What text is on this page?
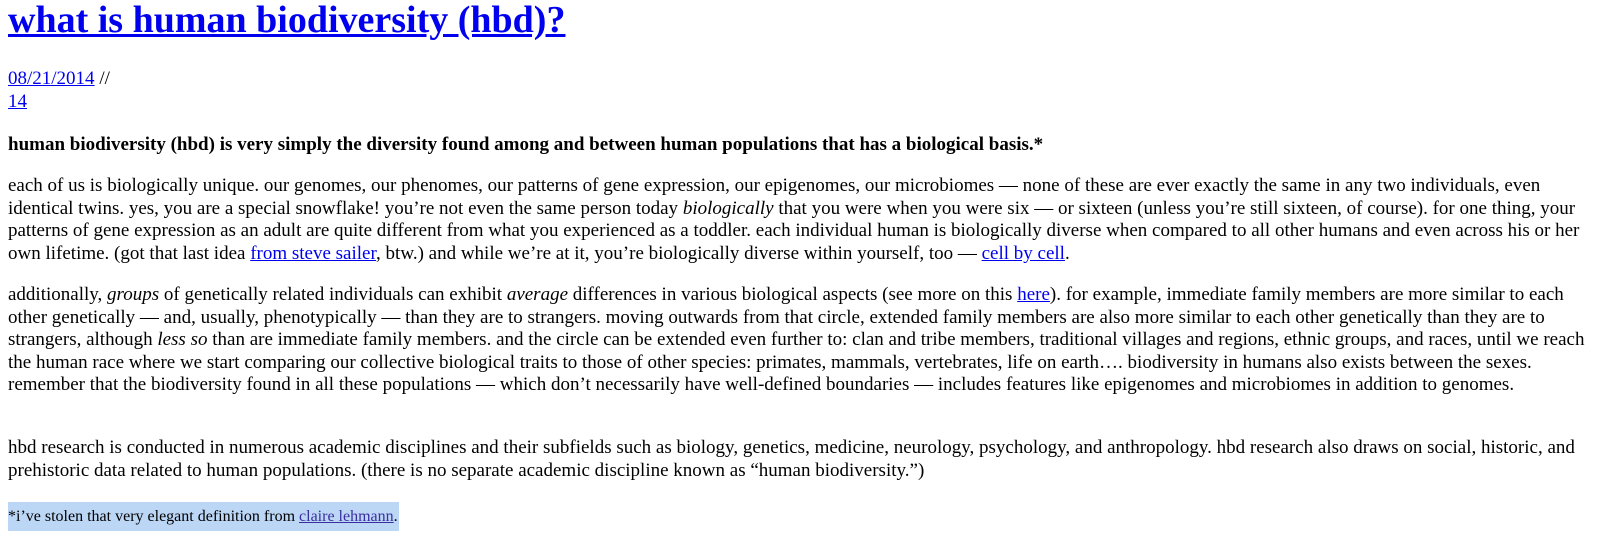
what is human biodiversity (hbd)?
08/21/2014 //
14
human biodiversity (hbd) is very simply the diversity found among and between human populations that has a biological basis.*

each of us is biologically unique. our genomes, our phenomes, our patterns of gene expression, our epigenomes, our microbiomes — none of these are ever exactly the same in any two individuals, even identical twins. yes, you are a special snowflake! you’re not even the same person today biologically that you were when you were six — or sixteen (unless you’re still sixteen, of course). for one thing, your patterns of gene expression as an adult are quite different from what you experienced as a toddler. each individual human is biologically diverse when compared to all other humans and even across his or her own lifetime. (got that last idea from steve sailer, btw.) and while we’re at it, you’re biologically diverse within yourself, too — cell by cell.

additionally, groups of genetically related individuals can exhibit average differences in various biological aspects (see more on this here). for example, immediate family members are more similar to each other genetically — and, usually, phenotypically — than they are to strangers. moving outwards from that circle, extended family members are also more similar to each other genetically than they are to strangers, although less so than are immediate family members. and the circle can be extended even further to: clan and tribe members, traditional villages and regions, ethnic groups, and races, until we reach the human race where we start comparing our collective biological traits to those of other species: primates, mammals, vertebrates, life on earth…. biodiversity in humans also exists between the sexes. remember that the biodiversity found in all these populations — which don’t necessarily have well-defined boundaries — includes features like epigenomes and microbiomes in addition to genomes.

hbd research is conducted in numerous academic disciplines and their subfields such as biology, genetics, medicine, neurology, psychology, and anthropology. hbd research also draws on social, historic, and prehistoric data related to human populations. (there is no separate academic discipline known as “human biodiversity.”)

*i’ve stolen that very elegant definition from claire lehmann.
